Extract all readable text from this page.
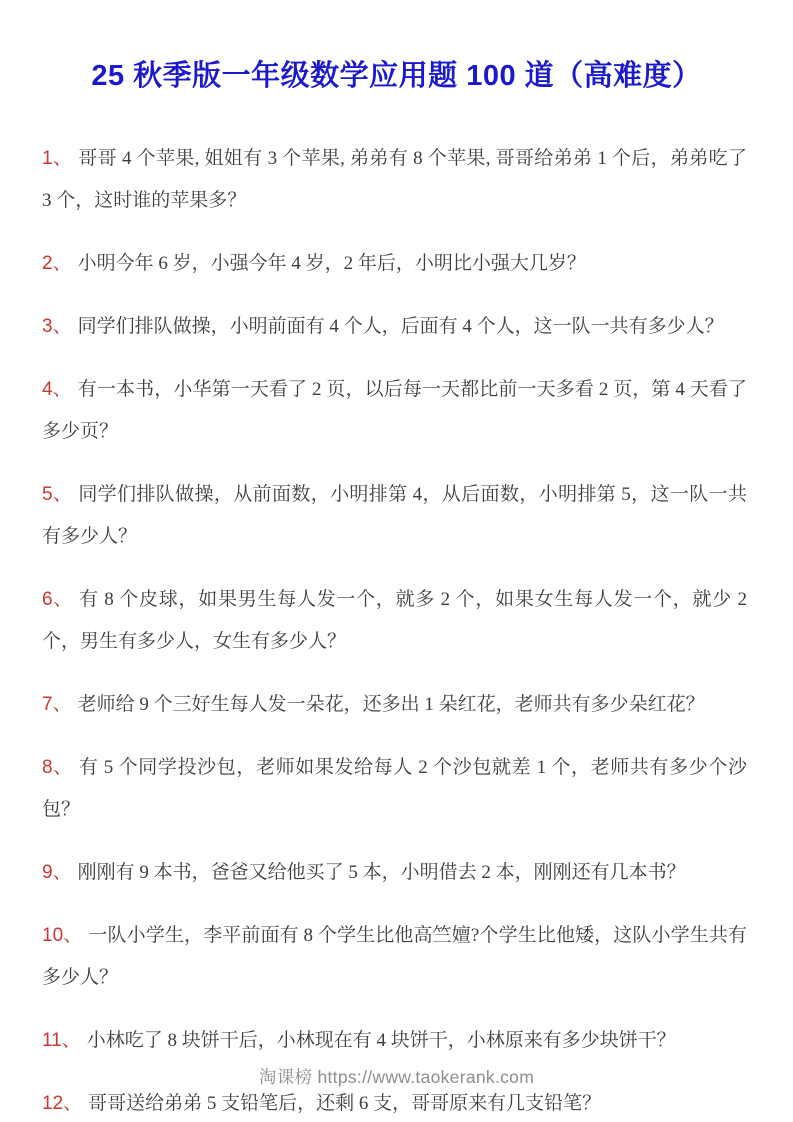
25 秋季版一年级数学应用题 100 道（高难度）

1、 哥哥 4 个苹果, 姐姐有 3 个苹果, 弟弟有 8 个苹果, 哥哥给弟弟 1 个后，弟弟吃了 3 个，这时谁的苹果多？

2、 小明今年 6 岁，小强今年 4 岁，2 年后，小明比小强大几岁？

3、 同学们排队做操，小明前面有 4 个人，后面有 4 个人，这一队一共有多少人？

4、 有一本书，小华第一天看了 2 页，以后每一天都比前一天多看 2 页，第 4 天看了多少页？

5、 同学们排队做操，从前面数，小明排第 4，从后面数，小明排第 5，这一队一共有多少人？

6、 有 8 个皮球，如果男生每人发一个，就多 2 个，如果女生每人发一个，就少 2 个，男生有多少人，女生有多少人？

7、 老师给 9 个三好生每人发一朵花，还多出 1 朵红花，老师共有多少朵红花？

8、 有 5 个同学投沙包，老师如果发给每人 2 个沙包就差 1 个，老师共有多少个沙包？

9、 刚刚有 9 本书，爸爸又给他买了 5 本，小明借去 2 本，刚刚还有几本书？

10、 一队小学生，李平前面有 8 个学生比他高竺嬗?个学生比他矮，这队小学生共有多少人？

11、 小林吃了 8 块饼干后，小林现在有 4 块饼干，小林原来有多少块饼干？

12、 哥哥送给弟弟 5 支铅笔后，还剩 6 支，哥哥原来有几支铅笔？

淘课榜 https://www.taokerank.com
